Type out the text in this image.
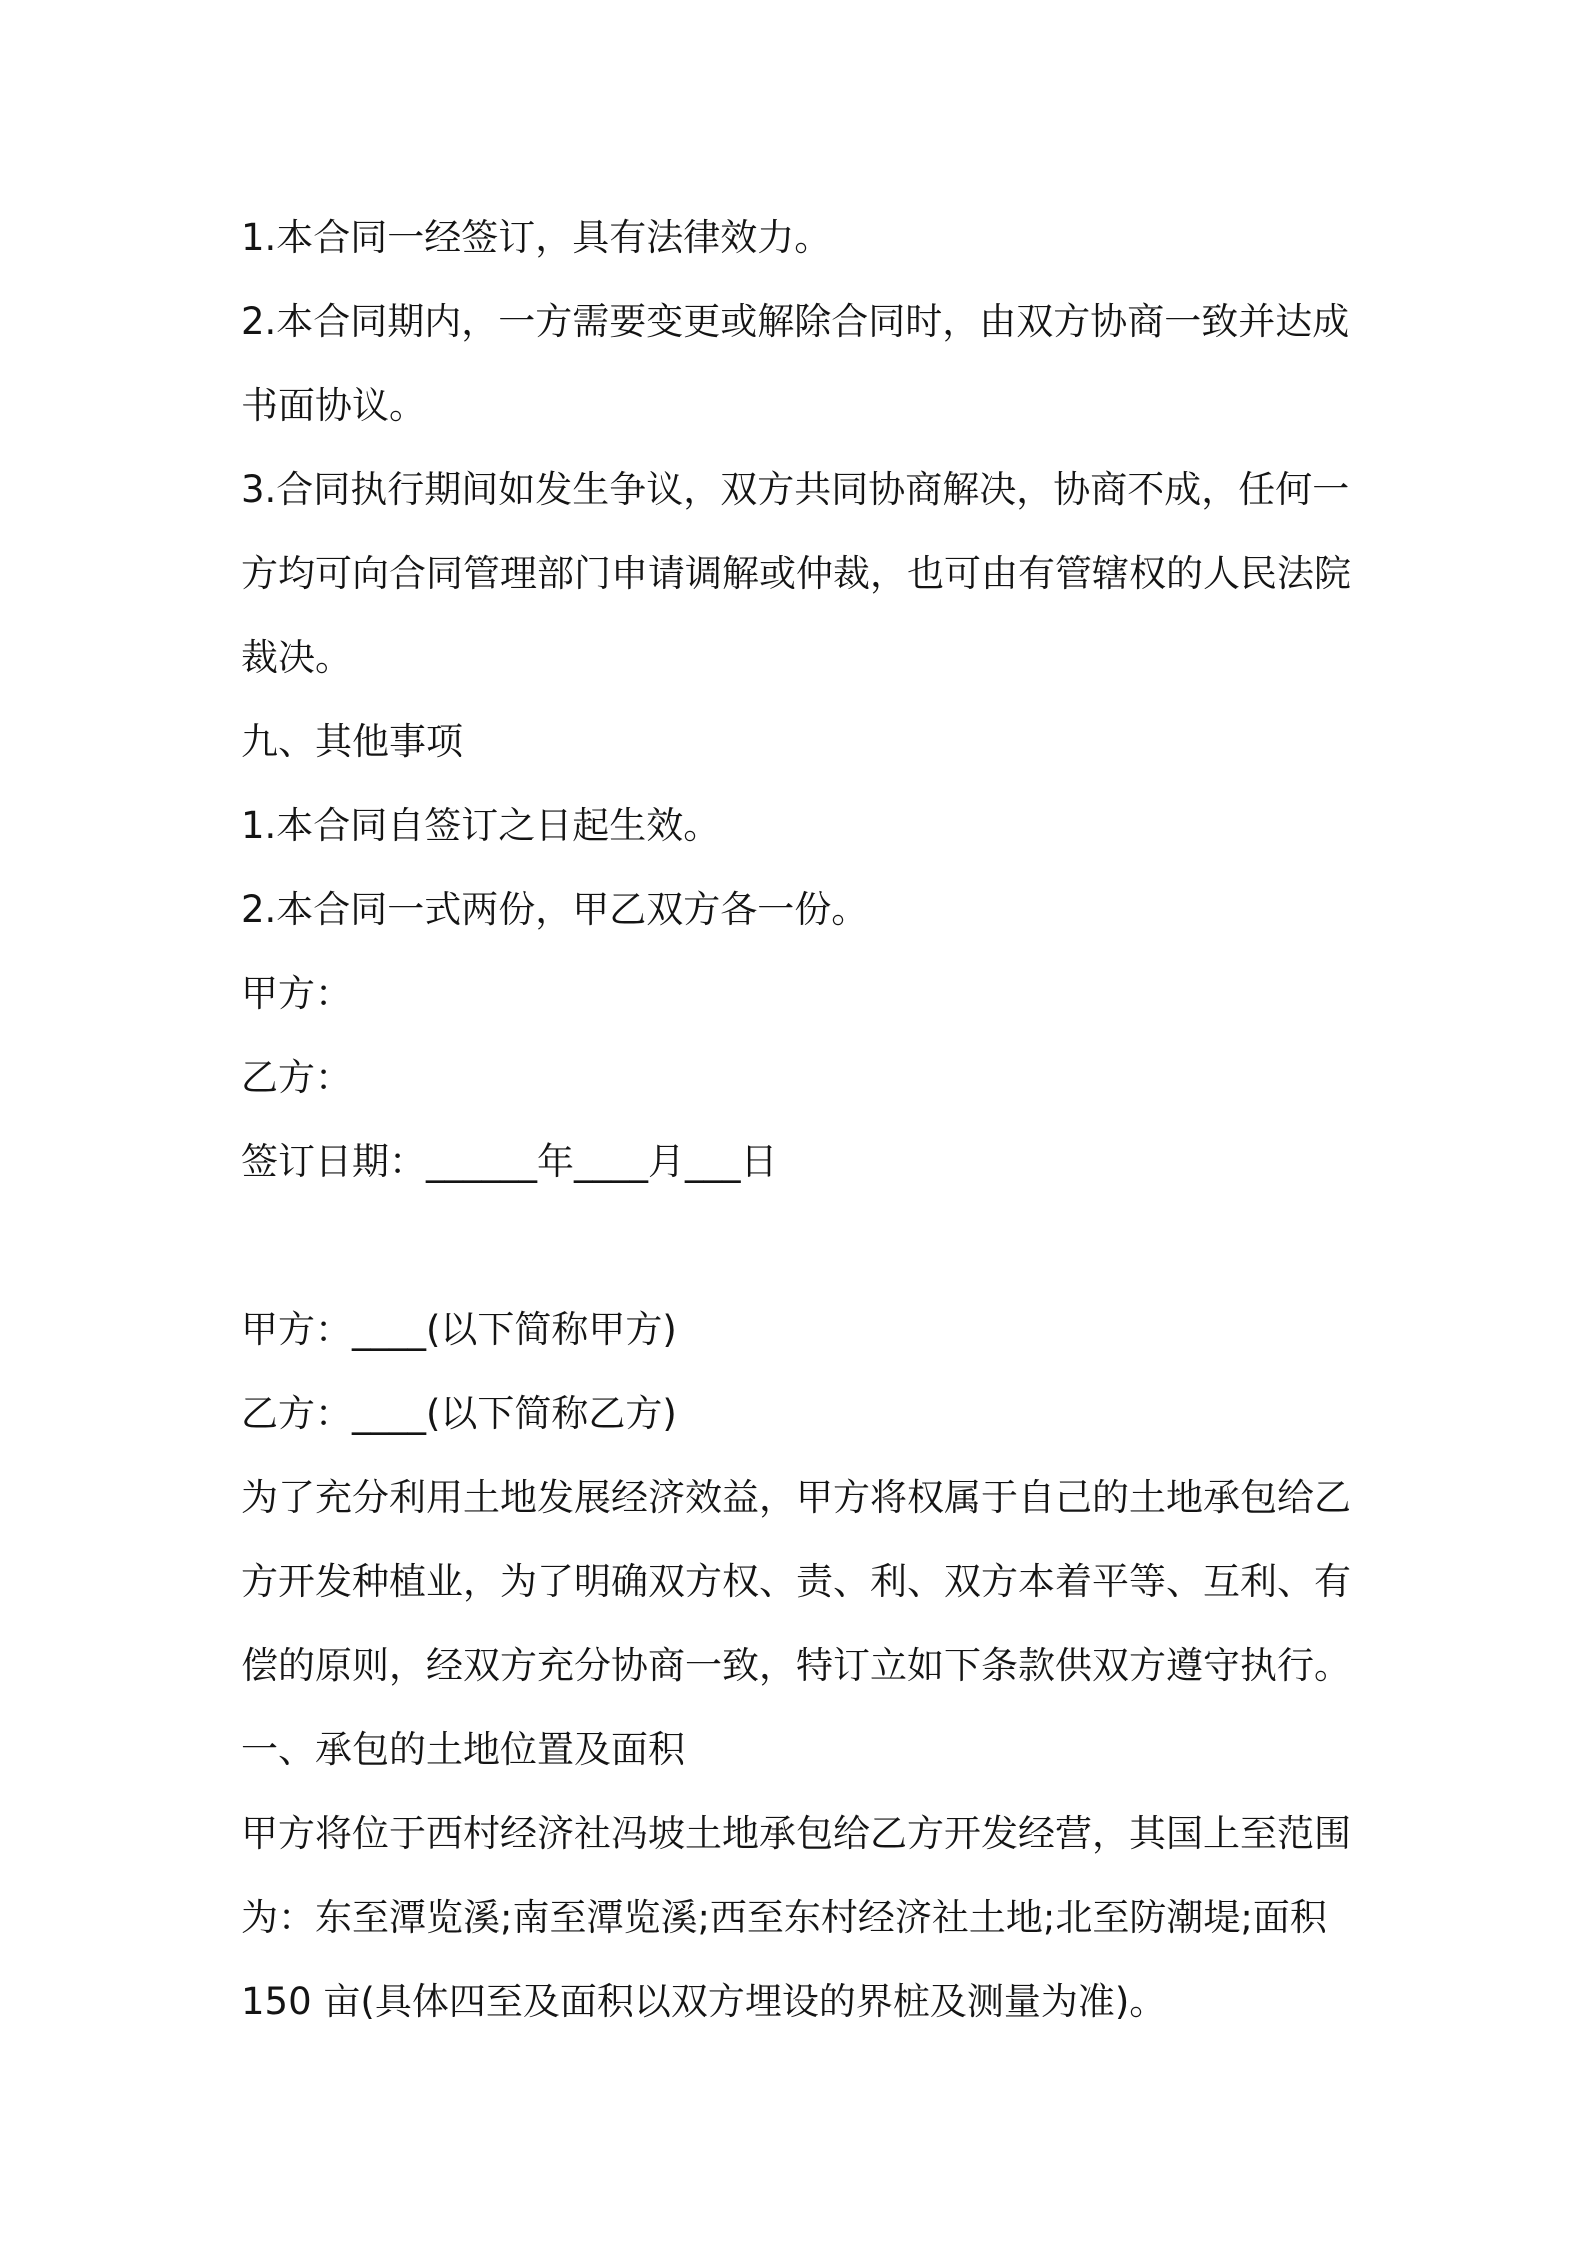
1.本合同一经签订，具有法律效力。

2.本合同期内，一方需要变更或解除合同时，由双方协商一致并达成

书面协议。

3.合同执行期间如发生争议，双方共同协商解决，协商不成，任何一

方均可向合同管理部门申请调解或仲裁，也可由有管辖权的人民法院

裁决。

九、其他事项

1.本合同自签订之日起生效。

2.本合同一式两份，甲乙双方各一份。

甲方：

乙方：

签订日期：______年____月___日

甲方：____(以下简称甲方)

乙方：____(以下简称乙方)

为了充分利用土地发展经济效益，甲方将权属于自己的土地承包给乙

方开发种植业，为了明确双方权、责、利、双方本着平等、互利、有

偿的原则，经双方充分协商一致，特订立如下条款供双方遵守执行。

一、承包的土地位置及面积

甲方将位于西村经济社冯坡土地承包给乙方开发经营，其国上至范围

为：东至潭览溪;南至潭览溪;西至东村经济社土地;北至防潮堤;面积

150 亩(具体四至及面积以双方埋设的界桩及测量为准)。
